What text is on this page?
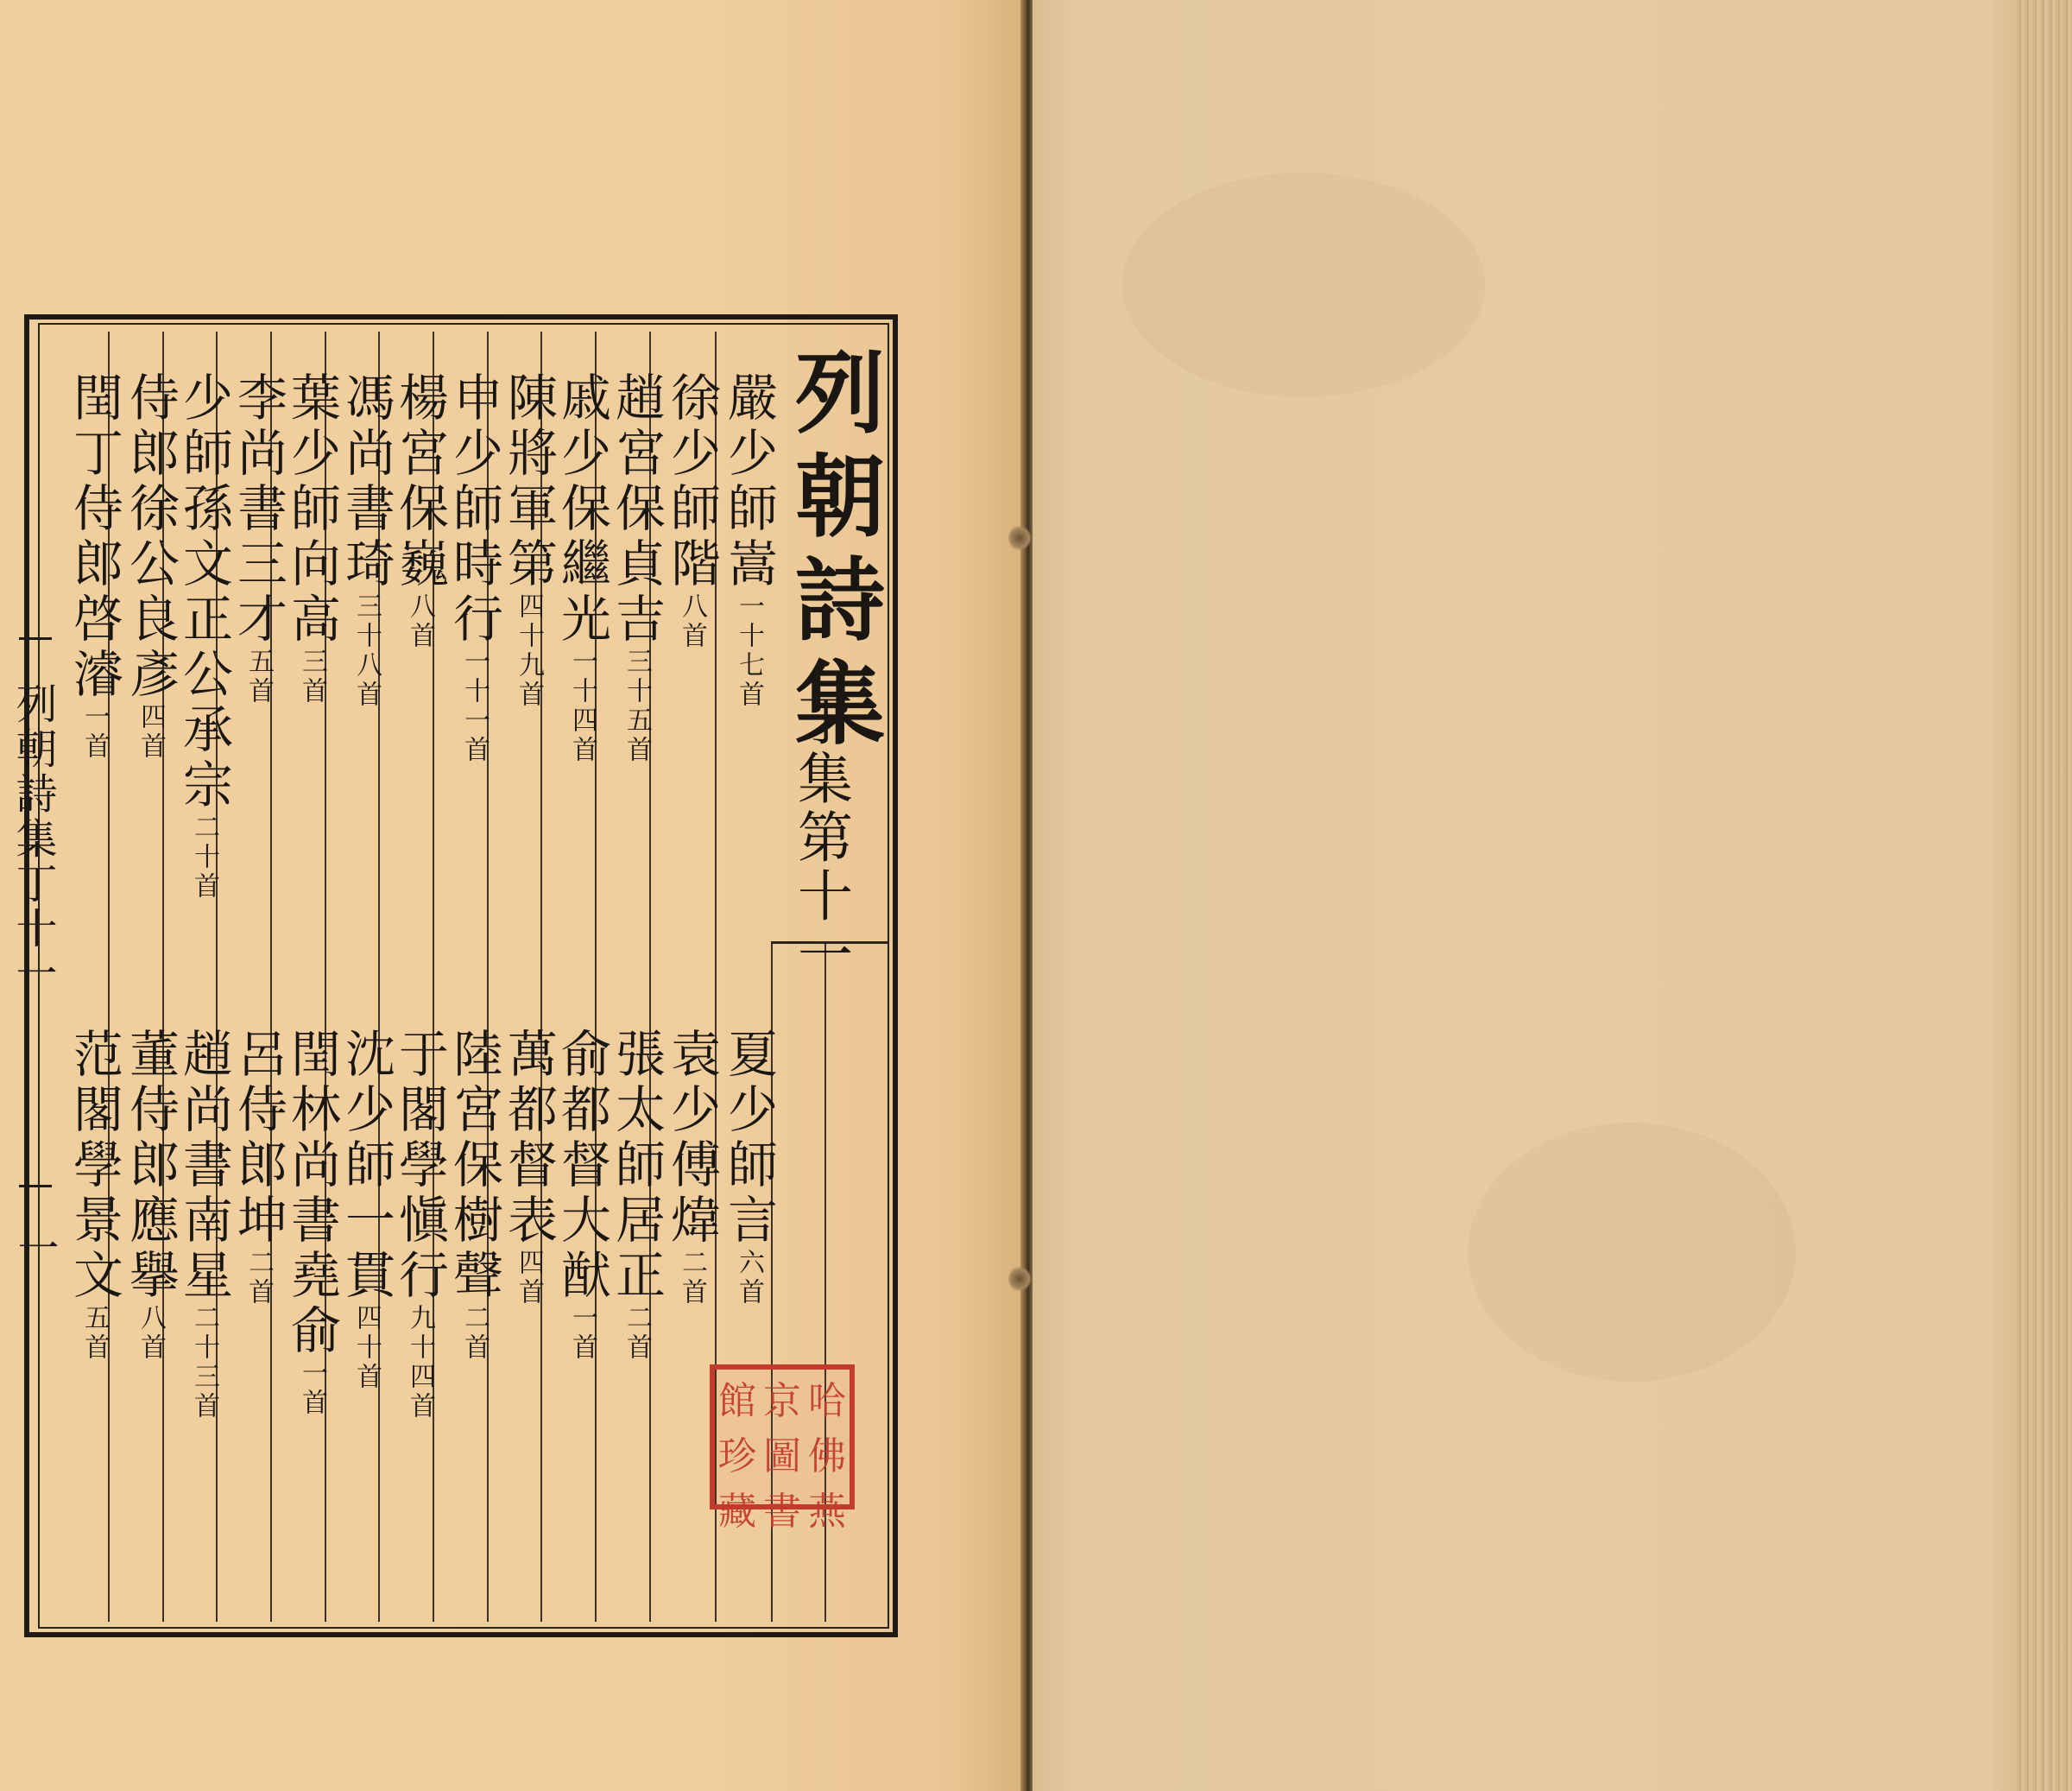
列朝詩集
丁集第十一
嚴少師嵩一十七首
徐少師階八首
趙宮保貞吉三十五首
戚少保繼光一十四首
陳將軍第四十九首
申少師時行一十一首
楊宮保巍八首
馮尚書琦三十八首
葉少師向高三首
李尚書三才五首
少師孫文正公承宗二十首
侍郎徐公良彥四首
閏丁侍郎啓濬一首
夏少師言六首
袁少傅煒二首
張太師居正二首
俞都督大猷一首
萬都督表四首
陸宮保樹聲二首
于閣學愼行九十四首
沈少師一貫四十首
閏林尚書堯俞一首
呂侍郎坤二首
趙尚書南星二十三首
董侍郎應擧八首
范閣學景文五首
列朝詩集丁十一
一
哈
佛
燕
京
圖
書
館
珍
藏
